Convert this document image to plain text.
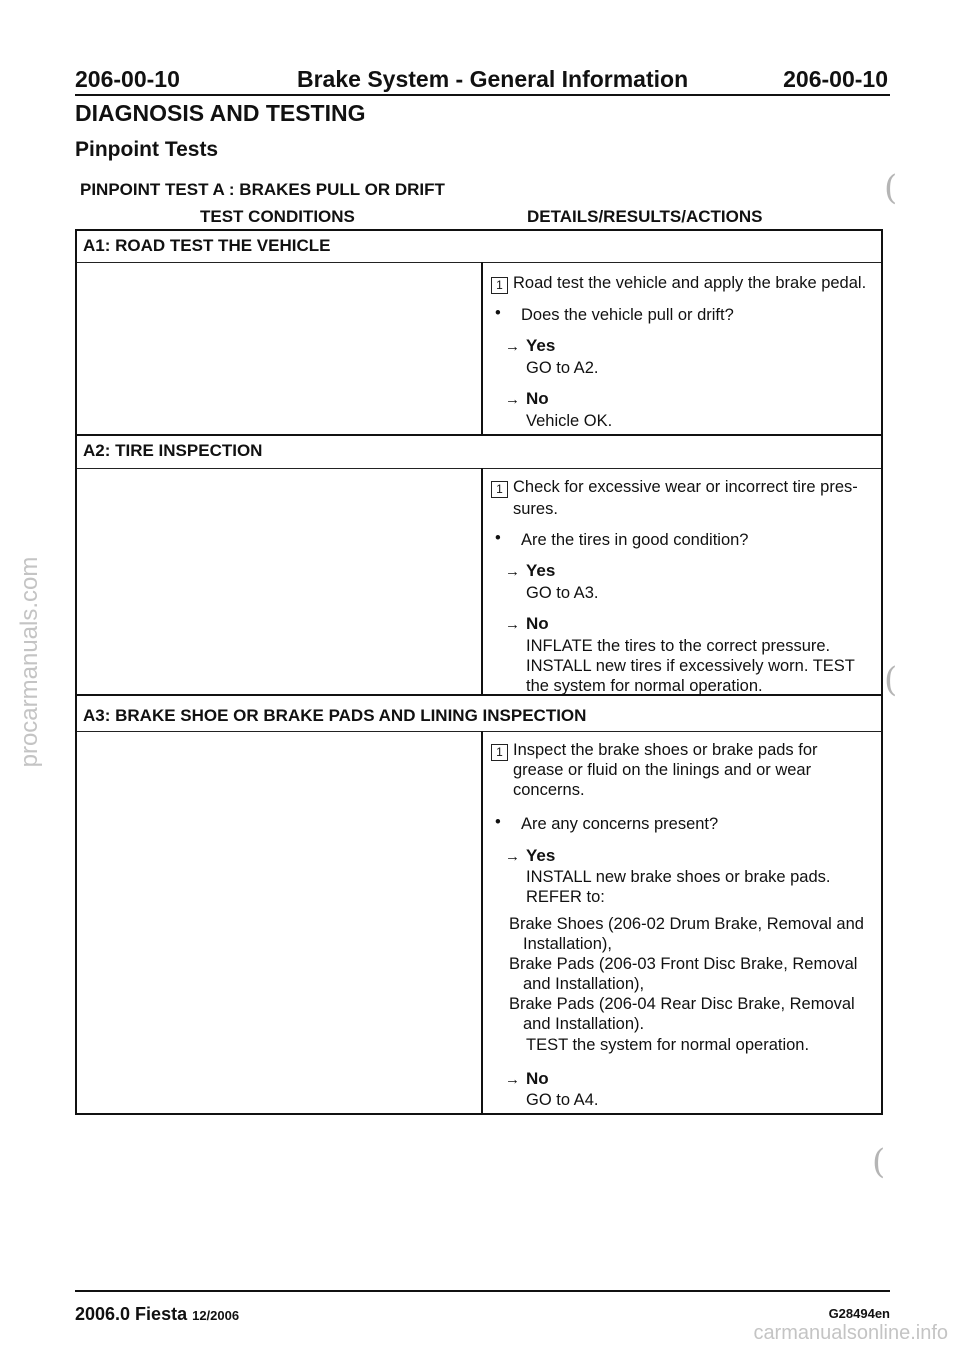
206-00-10	Brake System - General Information	206-00-10
DIAGNOSIS AND TESTING
Pinpoint Tests
PINPOINT TEST A : BRAKES PULL OR DRIFT
TEST CONDITIONS	DETAILS/RESULTS/ACTIONS
A1: ROAD TEST THE VEHICLE
1 Road test the vehicle and apply the brake pedal.
• Does the vehicle pull or drift?
→ Yes
GO to A2.
→ No
Vehicle OK.
A2: TIRE INSPECTION
1 Check for excessive wear or incorrect tire pres-
sures.
• Are the tires in good condition?
→ Yes
GO to A3.
→ No
INFLATE the tires to the correct pressure.
INSTALL new tires if excessively worn. TEST
the system for normal operation.
A3: BRAKE SHOE OR BRAKE PADS AND LINING INSPECTION
1 Inspect the brake shoes or brake pads for
grease or fluid on the linings and or wear
concerns.
• Are any concerns present?
→ Yes
INSTALL new brake shoes or brake pads.
REFER to:
Brake Shoes (206-02 Drum Brake, Removal and
Installation),
Brake Pads (206-03 Front Disc Brake, Removal
and Installation),
Brake Pads (206-04 Rear Disc Brake, Removal
and Installation).
TEST the system for normal operation.
→ No
GO to A4.
2006.0 Fiesta 12/2006	G28494en
(
(
(
procarmanuals.com
carmanualsonline.info
